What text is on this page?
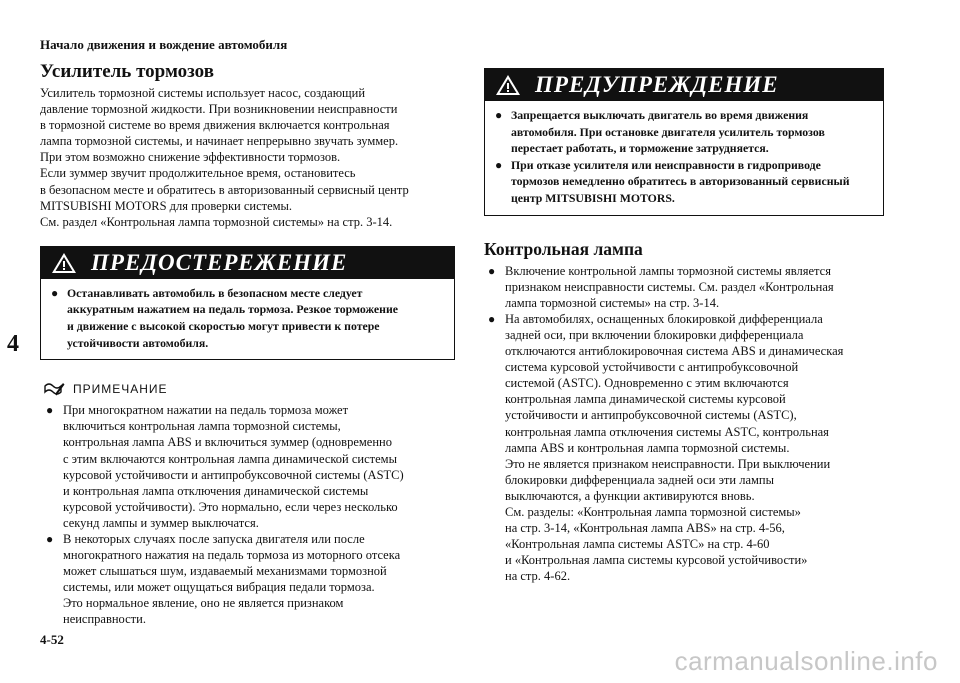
Начало движения и вождение автомобиля
4
4-52
carmanualsonline.info
Усилитель тормозов
Усилитель тормозной системы использует насос, создающий
давление тормозной жидкости. При возникновении неисправности
в тормозной системе во время движения включается контрольная
лампа тормозной системы, и начинает непрерывно звучать зуммер.
При этом возможно снижение эффективности тормозов.
Если зуммер звучит продолжительное время, остановитесь
в безопасном месте и обратитесь в авторизованный сервисный центр
MITSUBISHI MOTORS для проверки системы.
См. раздел «Контрольная лампа тормозной системы» на стр. 3-14.
ПРЕДОСТЕРЕЖЕНИЕ
● Останавливать автомобиль в безопасном месте следует
аккуратным нажатием на педаль тормоза. Резкое торможение
и движение с высокой скоростью могут привести к потере
устойчивости автомобиля.
ПРИМЕЧАНИЕ
● При многократном нажатии на педаль тормоза может
включиться контрольная лампа тормозной системы,
контрольная лампа ABS и включиться зуммер (одновременно
с этим включаются контрольная лампа динамической системы
курсовой устойчивости и антипробуксовочной системы (ASTC)
и контрольная лампа отключения динамической системы
курсовой устойчивости). Это нормально, если через несколько
секунд лампы и зуммер выключатся.
● В некоторых случаях после запуска двигателя или после
многократного нажатия на педаль тормоза из моторного отсека
может слышаться шум, издаваемый механизмами тормозной
системы, или может ощущаться вибрация педали тормоза.
Это нормальное явление, оно не является признаком
неисправности.
ПРЕДУПРЕЖДЕНИЕ
● Запрещается выключать двигатель во время движения
автомобиля. При остановке двигателя усилитель тормозов
перестает работать, и торможение затрудняется.
● При отказе усилителя или неисправности в гидроприводе
тормозов немедленно обратитесь в авторизованный сервисный
центр MITSUBISHI MOTORS.
Контрольная лампа
● Включение контрольной лампы тормозной системы является
признаком неисправности системы. См. раздел «Контрольная
лампа тормозной системы» на стр. 3-14.
● На автомобилях, оснащенных блокировкой дифференциала
задней оси, при включении блокировки дифференциала
отключаются антиблокировочная система ABS и динамическая
система курсовой устойчивости с антипробуксовочной
системой (ASTC). Одновременно с этим включаются
контрольная лампа динамической системы курсовой
устойчивости и антипробуксовочной системы (ASTC),
контрольная лампа отключения системы ASTC, контрольная
лампа ABS и контрольная лампа тормозной системы.
Это не является признаком неисправности. При выключении
блокировки дифференциала задней оси эти лампы
выключаются, а функции активируются вновь.
См. разделы: «Контрольная лампа тормозной системы»
на стр. 3-14, «Контрольная лампа ABS» на стр. 4-56,
«Контрольная лампа системы ASTC» на стр. 4-60
и «Контрольная лампа системы курсовой устойчивости»
на стр. 4-62.
